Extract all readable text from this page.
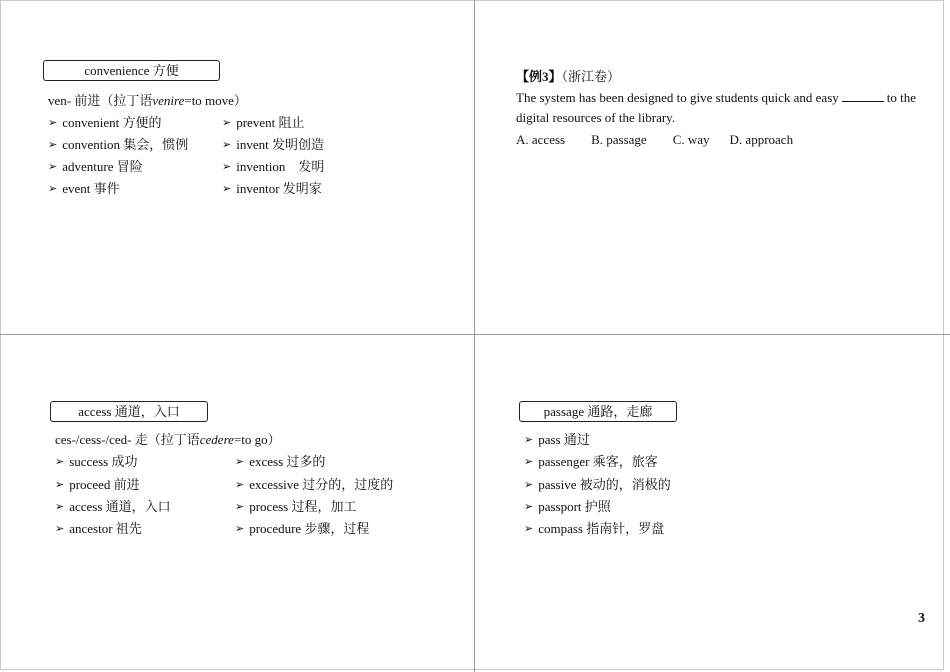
convenience 方便
ven- 前进（拉丁语venire=to move）
➢ convenient 方便的
➢ convention 集会，惯例
➢ adventure 冒险
➢ event 事件
➢ prevent 阻止
➢ invent 发明创造
➢ invention　发明
➢ inventor 发明家
【例3】（浙江卷）
The system has been designed to give students quick and easy	to the
digital resources of the library.
A. access B. passage C. way D. approach
access 通道，入口
ces-/cess-/ced- 走（拉丁语cedere=to go）
➢ success 成功
➢ proceed 前进
➢ access 通道，入口
➢ ancestor 祖先
➢ excess 过多的
➢ excessive 过分的，过度的
➢ process 过程，加工
➢ procedure 步骤，过程
passage 通路，走廊
➢ pass 通过
➢ passenger 乘客，旅客
➢ passive 被动的，消极的
➢ passport 护照
➢ compass 指南针，罗盘
3
